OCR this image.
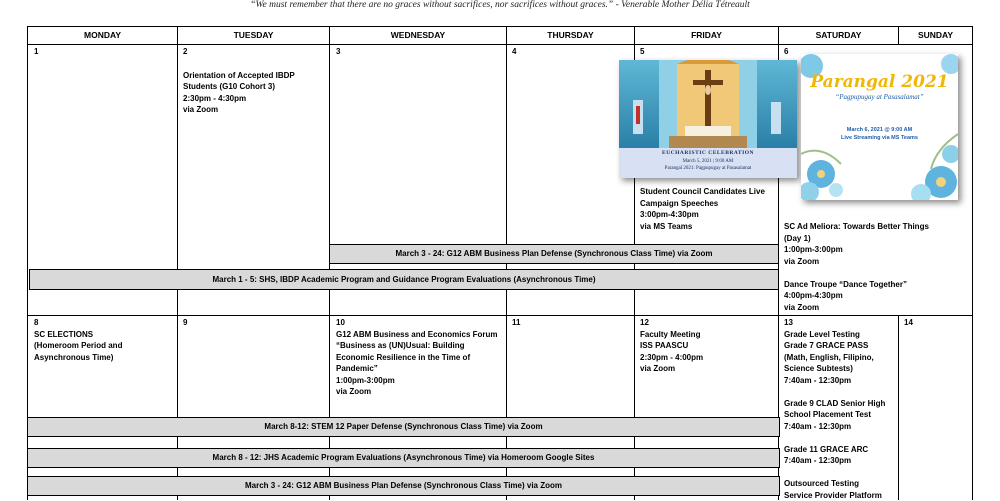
“We must remember that there are no graces without sacrifices, nor sacrifices without graces.” - Venerable Mother Délia Tétreault
MONDAY	TUESDAY	WEDNESDAY	THURSDAY	FRIDAY	SATURDAY	SUNDAY
1	2
Orientation of Accepted IBDP
Students (G10 Cohort 3)
2:30pm - 4:30pm
via Zoom
3	4	5
Student Council Candidates Live
Campaign Speeches
3:00pm-4:30pm
via MS Teams
6
SC Ad Meliora: Towards Better Things
(Day 1)
1:00pm-3:00pm
via Zoom

Dance Troupe “Dance Together”
4:00pm-4:30pm
via Zoom
March 3 - 24: G12 ABM Business Plan Defense (Synchronous Class Time) via Zoom
March 1 - 5: SHS, IBDP Academic Program and Guidance Program Evaluations (Asynchronous Time)
EUCHARISTIC CELEBRATION
March 5, 2021 | 9:00 AM
Parangal 2021: Pagpupugay at Pasasalamat
Parangal 2021
“Pagpupugay at Pasasalamat”
March 6, 2021 @ 9:00 AM
Live Streaming via MS Teams
8
SC ELECTIONS
(Homeroom Period and
Asynchronous Time)
9	10
G12 ABM Business and Economics Forum
“Business as (UN)Usual: Building
Economic Resilience in the Time of
Pandemic”
1:00pm-3:00pm
via Zoom
11	12
Faculty Meeting
ISS PAASCU
2:30pm - 4:00pm
via Zoom
13
Grade Level Testing
Grade 7 GRACE PASS
(Math, English, Filipino,
Science Subtests)
7:40am - 12:30pm

Grade 9 CLAD Senior High
School Placement Test
7:40am - 12:30pm

Grade 11 GRACE ARC
7:40am - 12:30pm

Outsourced Testing
Service Provider Platform
14
March 8-12: STEM 12 Paper Defense (Synchronous Class Time) via Zoom
March 8 - 12: JHS Academic Program Evaluations (Asynchronous Time) via Homeroom Google Sites
March 3 - 24: G12 ABM Business Plan Defense (Synchronous Class Time) via Zoom
